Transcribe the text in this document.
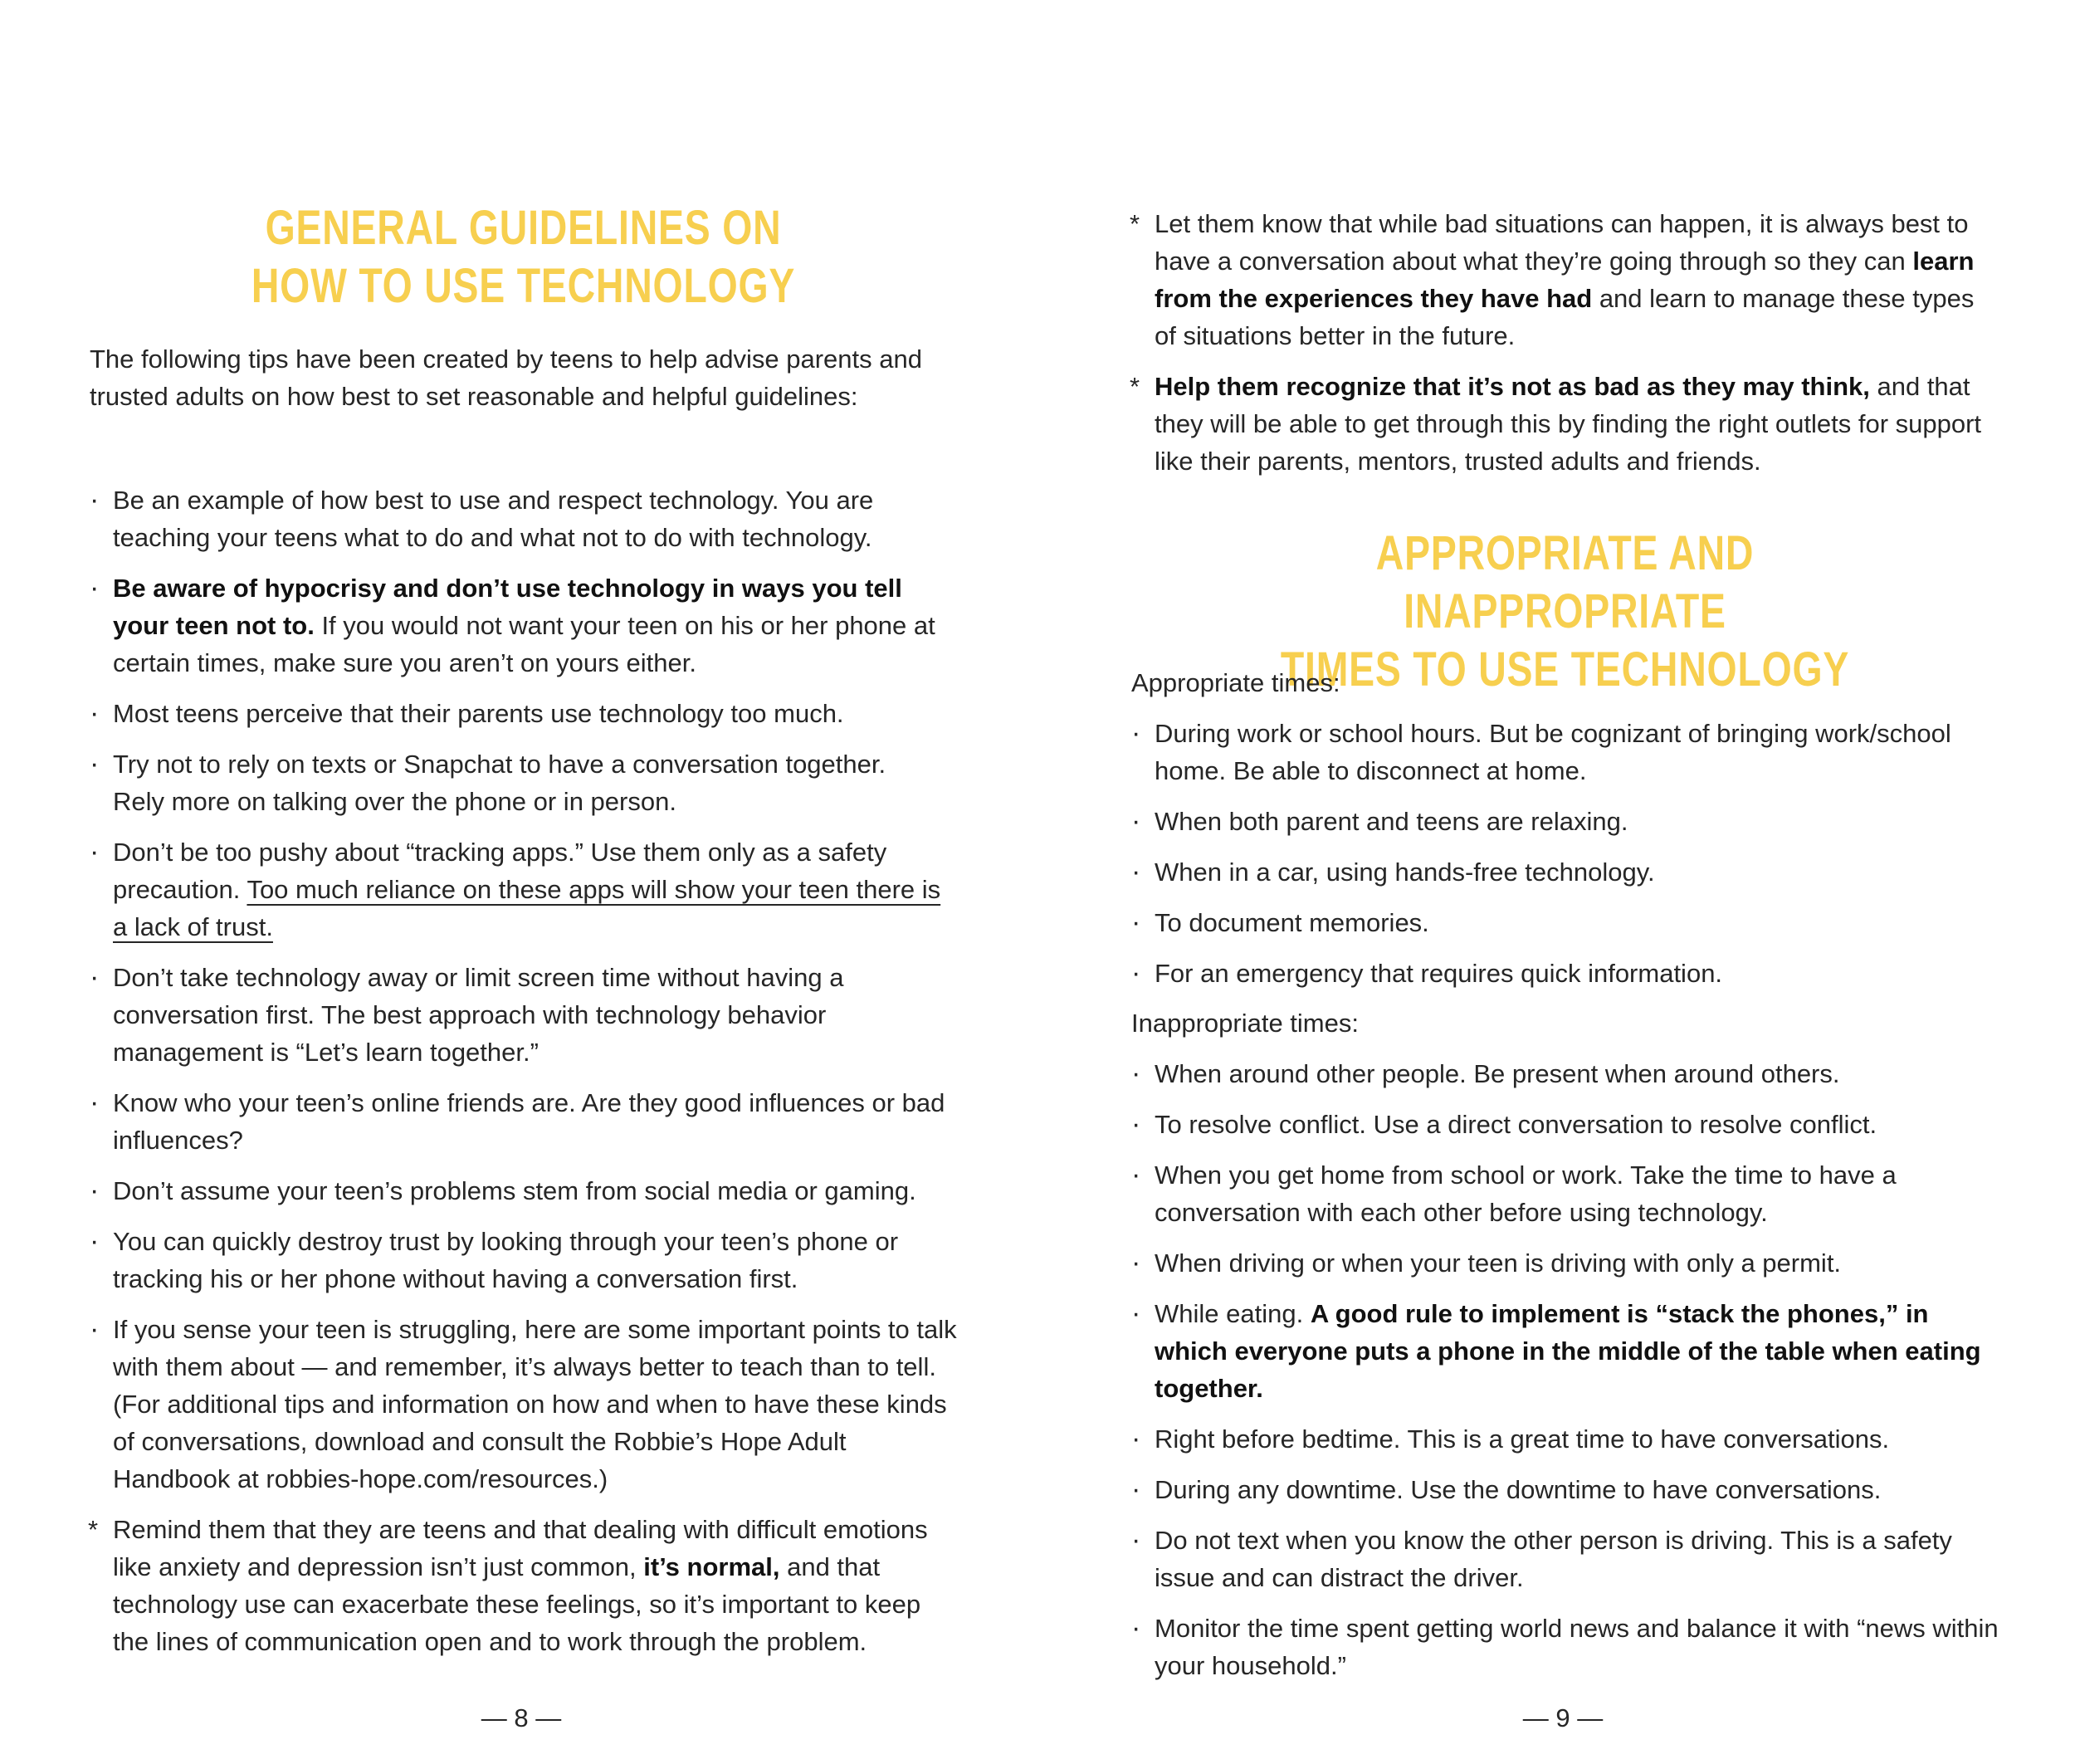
GENERAL GUIDELINES ON
HOW TO USE TECHNOLOGY

The following tips have been created by teens to help advise parents and trusted adults on how best to set reasonable and helpful guidelines:

· Be an example of how best to use and respect technology. You are teaching your teens what to do and what not to do with technology.
· Be aware of hypocrisy and don’t use technology in ways you tell your teen not to. If you would not want your teen on his or her phone at certain times, make sure you aren’t on yours either.
· Most teens perceive that their parents use technology too much.
· Try not to rely on texts or Snapchat to have a conversation together.
Rely more on talking over the phone or in person.
· Don’t be too pushy about “tracking apps.” Use them only as a safety precaution. Too much reliance on these apps will show your teen there is a lack of trust.
· Don’t take technology away or limit screen time without having a conversation first. The best approach with technology behavior management is “Let’s learn together.”
· Know who your teen’s online friends are. Are they good influences or bad influences?
· Don’t assume your teen’s problems stem from social media or gaming.
· You can quickly destroy trust by looking through your teen’s phone or tracking his or her phone without having a conversation first.
· If you sense your teen is struggling, here are some important points to talk with them about — and remember, it’s always better to teach than to tell. (For additional tips and information on how and when to have these kinds of conversations, download and consult the Robbie’s Hope Adult Handbook at robbies-hope.com/resources.)
* Remind them that they are teens and that dealing with difficult emotions like anxiety and depression isn’t just common, it’s normal, and that technology use can exacerbate these feelings, so it’s important to keep the lines of communication open and to work through the problem.
— 8 —
* Let them know that while bad situations can happen, it is always best to have a conversation about what they’re going through so they can learn from the experiences they have had and learn to manage these types of situations better in the future.
* Help them recognize that it’s not as bad as they may think, and that they will be able to get through this by finding the right outlets for support like their parents, mentors, trusted adults and friends.
APPROPRIATE AND INAPPROPRIATE
TIMES TO USE TECHNOLOGY

Appropriate times:

· During work or school hours. But be cognizant of bringing work/school home. Be able to disconnect at home.
· When both parent and teens are relaxing.
· When in a car, using hands-free technology.
· To document memories.
· For an emergency that requires quick information.

Inappropriate times:

· When around other people. Be present when around others.
· To resolve conflict. Use a direct conversation to resolve conflict.
· When you get home from school or work. Take the time to have a conversation with each other before using technology.
· When driving or when your teen is driving with only a permit.
· While eating. A good rule to implement is “stack the phones,” in which everyone puts a phone in the middle of the table when eating together.
· Right before bedtime. This is a great time to have conversations.
· During any downtime. Use the downtime to have conversations.
· Do not text when you know the other person is driving. This is a safety issue and can distract the driver.
· Monitor the time spent getting world news and balance it with “news within your household.”
— 9 —
